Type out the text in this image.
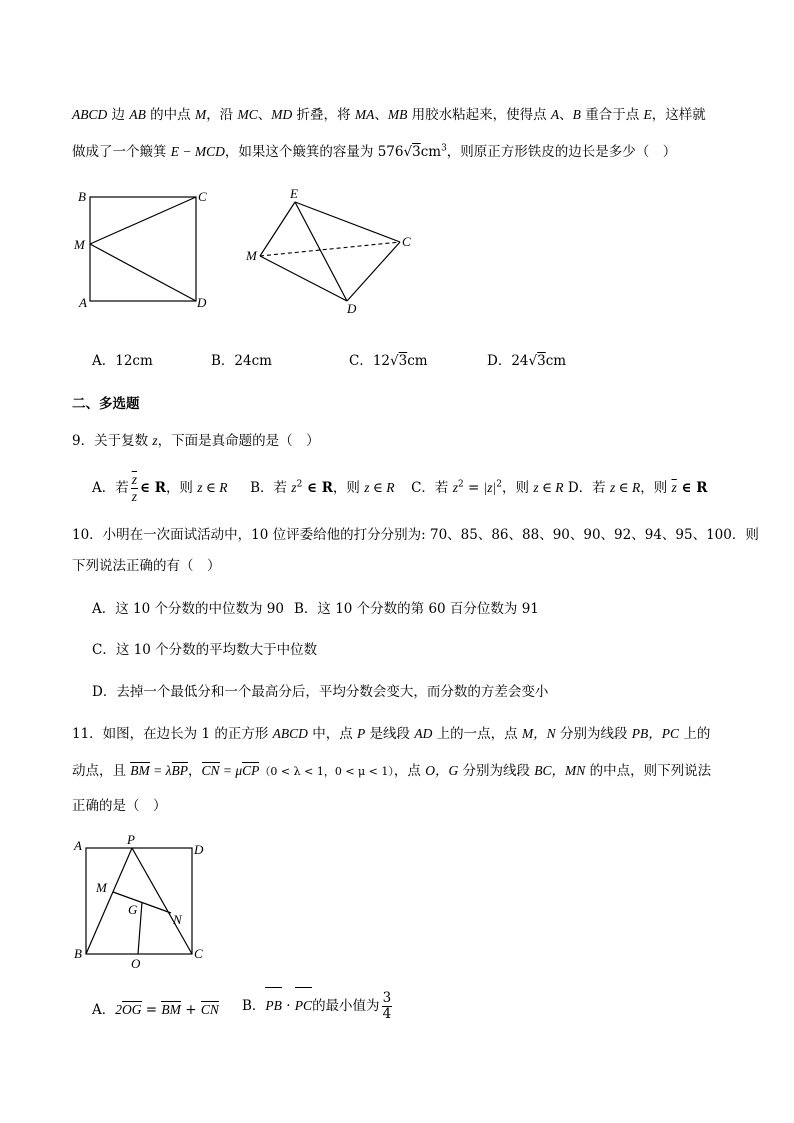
ABCD 边 AB 的中点 M，沿 MC、MD 折叠，将 MA、MB 用胶水粘起来，使得点 A、B 重合于点 E，这样就
做成了一个簸箕 E − MCD，如果这个簸箕的容量为 $576√3cm^3$，则原正方形铁皮的边长是多少（　）
B	C
M
A	D
E
C
M
D
A．12cm	B．24cm	C．12√3cm	D．24√3cm
二、多选题
9．关于复数 z，下面是真命题的是（　）
A．若 $\frac{\overline{z}}{z}$ ∈ R，则 z ∈ R B．若 $z^2$ ∈ R，则 z ∈ R C．若 $z^2 = |z|^2$，则 z ∈ R D．若 z ∈ R，则 $\overline{z}$ ∈ R
10．小明在一次面试活动中，10 位评委给他的打分分别为: 70、85、86、88、90、90、92、94、95、100．则
下列说法正确的有（　）
A．这 10 个分数的中位数为 90 B．这 10 个分数的第 60 百分位数为 91
C．这 10 个分数的平均数大于中位数
D．去掉一个最低分和一个最高分后，平均分数会变大，而分数的方差会变小
11．如图，在边长为 1 的正方形 ABCD 中，点 P 是线段 AD 上的一点，点 M，N 分别为线段 PB，PC 上的
动点，且 BM = λBP，CN = μCP（0 < λ < 1，0 < μ < 1），点 O，G 分别为线段 BC，MN 的中点，则下列说法
正确的是（　）
A	P
D
M
G
N
B
O
C
A．2OG = BM + CN B．PB · PC的最小值为 $\frac{3}{4}$
